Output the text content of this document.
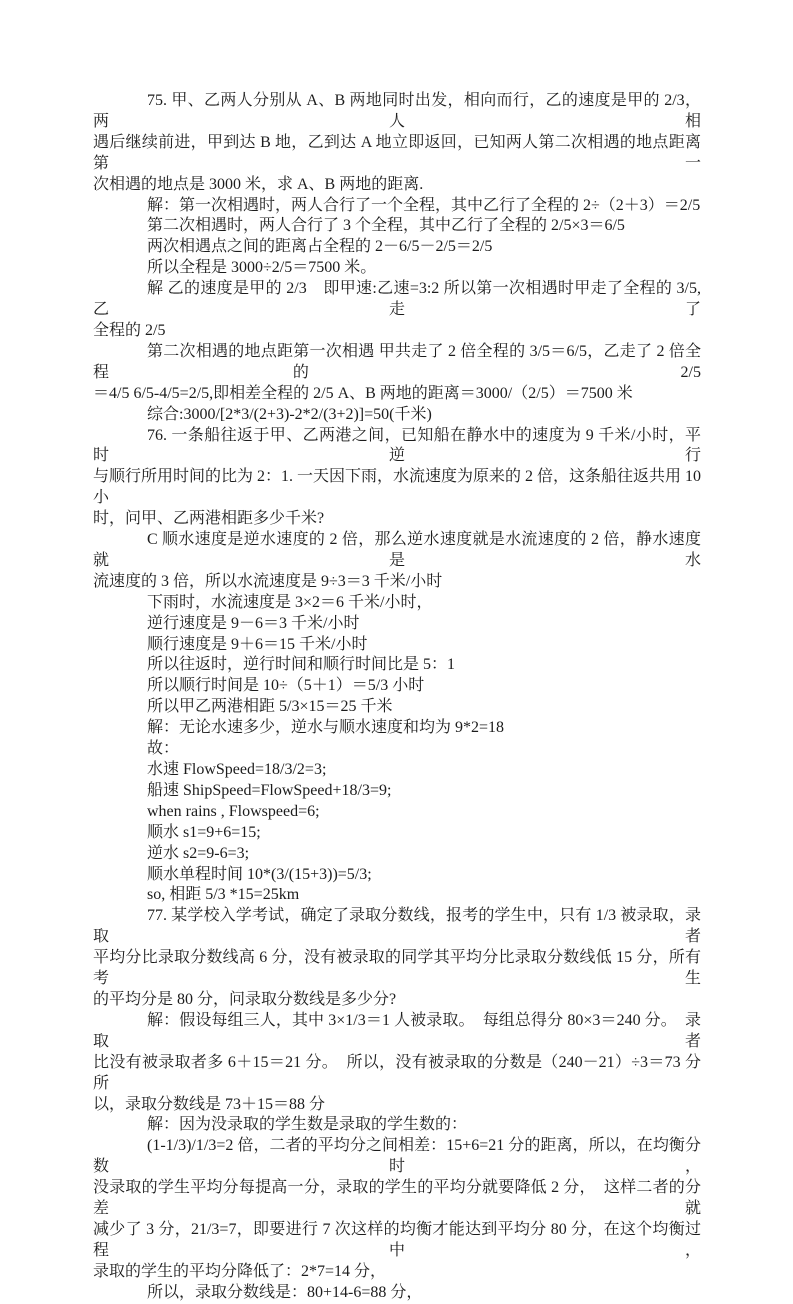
75. 甲、乙两人分别从 A、B 两地同时出发，相向而行，乙的速度是甲的 2/3，两人相
遇后继续前进，甲到达 B 地，乙到达 A 地立即返回，已知两人第二次相遇的地点距离第一
次相遇的地点是 3000 米，求 A、B 两地的距离.
解：第一次相遇时，两人合行了一个全程，其中乙行了全程的 2÷（2＋3）＝2/5
第二次相遇时，两人合行了 3 个全程，其中乙行了全程的 2/5×3＝6/5
两次相遇点之间的距离占全程的 2－6/5－2/5＝2/5
所以全程是 3000÷2/5＝7500 米。
解 乙的速度是甲的 2/3　即甲速:乙速=3:2 所以第一次相遇时甲走了全程的 3/5,乙走了
全程的 2/5
第二次相遇的地点距第一次相遇 甲共走了 2 倍全程的 3/5＝6/5，乙走了 2 倍全程的 2/5
＝4/5 6/5-4/5=2/5,即相差全程的 2/5 A、B 两地的距离＝3000/（2/5）＝7500 米
综合:3000/[2*3/(2+3)-2*2/(3+2)]=50(千米)
76. 一条船往返于甲、乙两港之间，已知船在静水中的速度为 9 千米/小时，平时逆行
与顺行所用时间的比为 2：1. 一天因下雨，水流速度为原来的 2 倍，这条船往返共用 10 小
时，问甲、乙两港相距多少千米?
C 顺水速度是逆水速度的 2 倍，那么逆水速度就是水流速度的 2 倍，静水速度就是水
流速度的 3 倍，所以水流速度是 9÷3＝3 千米/小时
下雨时，水流速度是 3×2＝6 千米/小时，
逆行速度是 9－6＝3 千米/小时
顺行速度是 9＋6＝15 千米/小时
所以往返时，逆行时间和顺行时间比是 5：1
所以顺行时间是 10÷（5＋1）＝5/3 小时
所以甲乙两港相距 5/3×15＝25 千米
解：无论水速多少，逆水与顺水速度和均为 9*2=18
故：
水速 FlowSpeed=18/3/2=3;
船速 ShipSpeed=FlowSpeed+18/3=9;
when rains , Flowspeed=6;
顺水 s1=9+6=15;
逆水 s2=9-6=3;
顺水单程时间 10*(3/(15+3))=5/3;
so, 相距 5/3 *15=25km
77. 某学校入学考试，确定了录取分数线，报考的学生中，只有 1/3 被录取，录取者
平均分比录取分数线高 6 分，没有被录取的同学其平均分比录取分数线低 15 分，所有考生
的平均分是 80 分，问录取分数线是多少分?
解：假设每组三人，其中 3×1/3＝1 人被录取。　每组总得分 80×3＝240 分。　录取者
比没有被录取者多 6＋15＝21 分。　所以，没有被录取的分数是（240－21）÷3＝73 分 所
以，录取分数线是 73＋15＝88 分
解：因为没录取的学生数是录取的学生数的：
(1-1/3)/1/3=2 倍，二者的平均分之间相差：15+6=21 分的距离，所以，在均衡分数时，
没录取的学生平均分每提高一分，录取的学生的平均分就要降低 2 分，　这样二者的分差就
减少了 3 分，21/3=7，即要进行 7 次这样的均衡才能达到平均分 80 分，在这个均衡过程中，
录取的学生的平均分降低了：2*7=14 分，
所以，录取分数线是：80+14-6=88 分，
